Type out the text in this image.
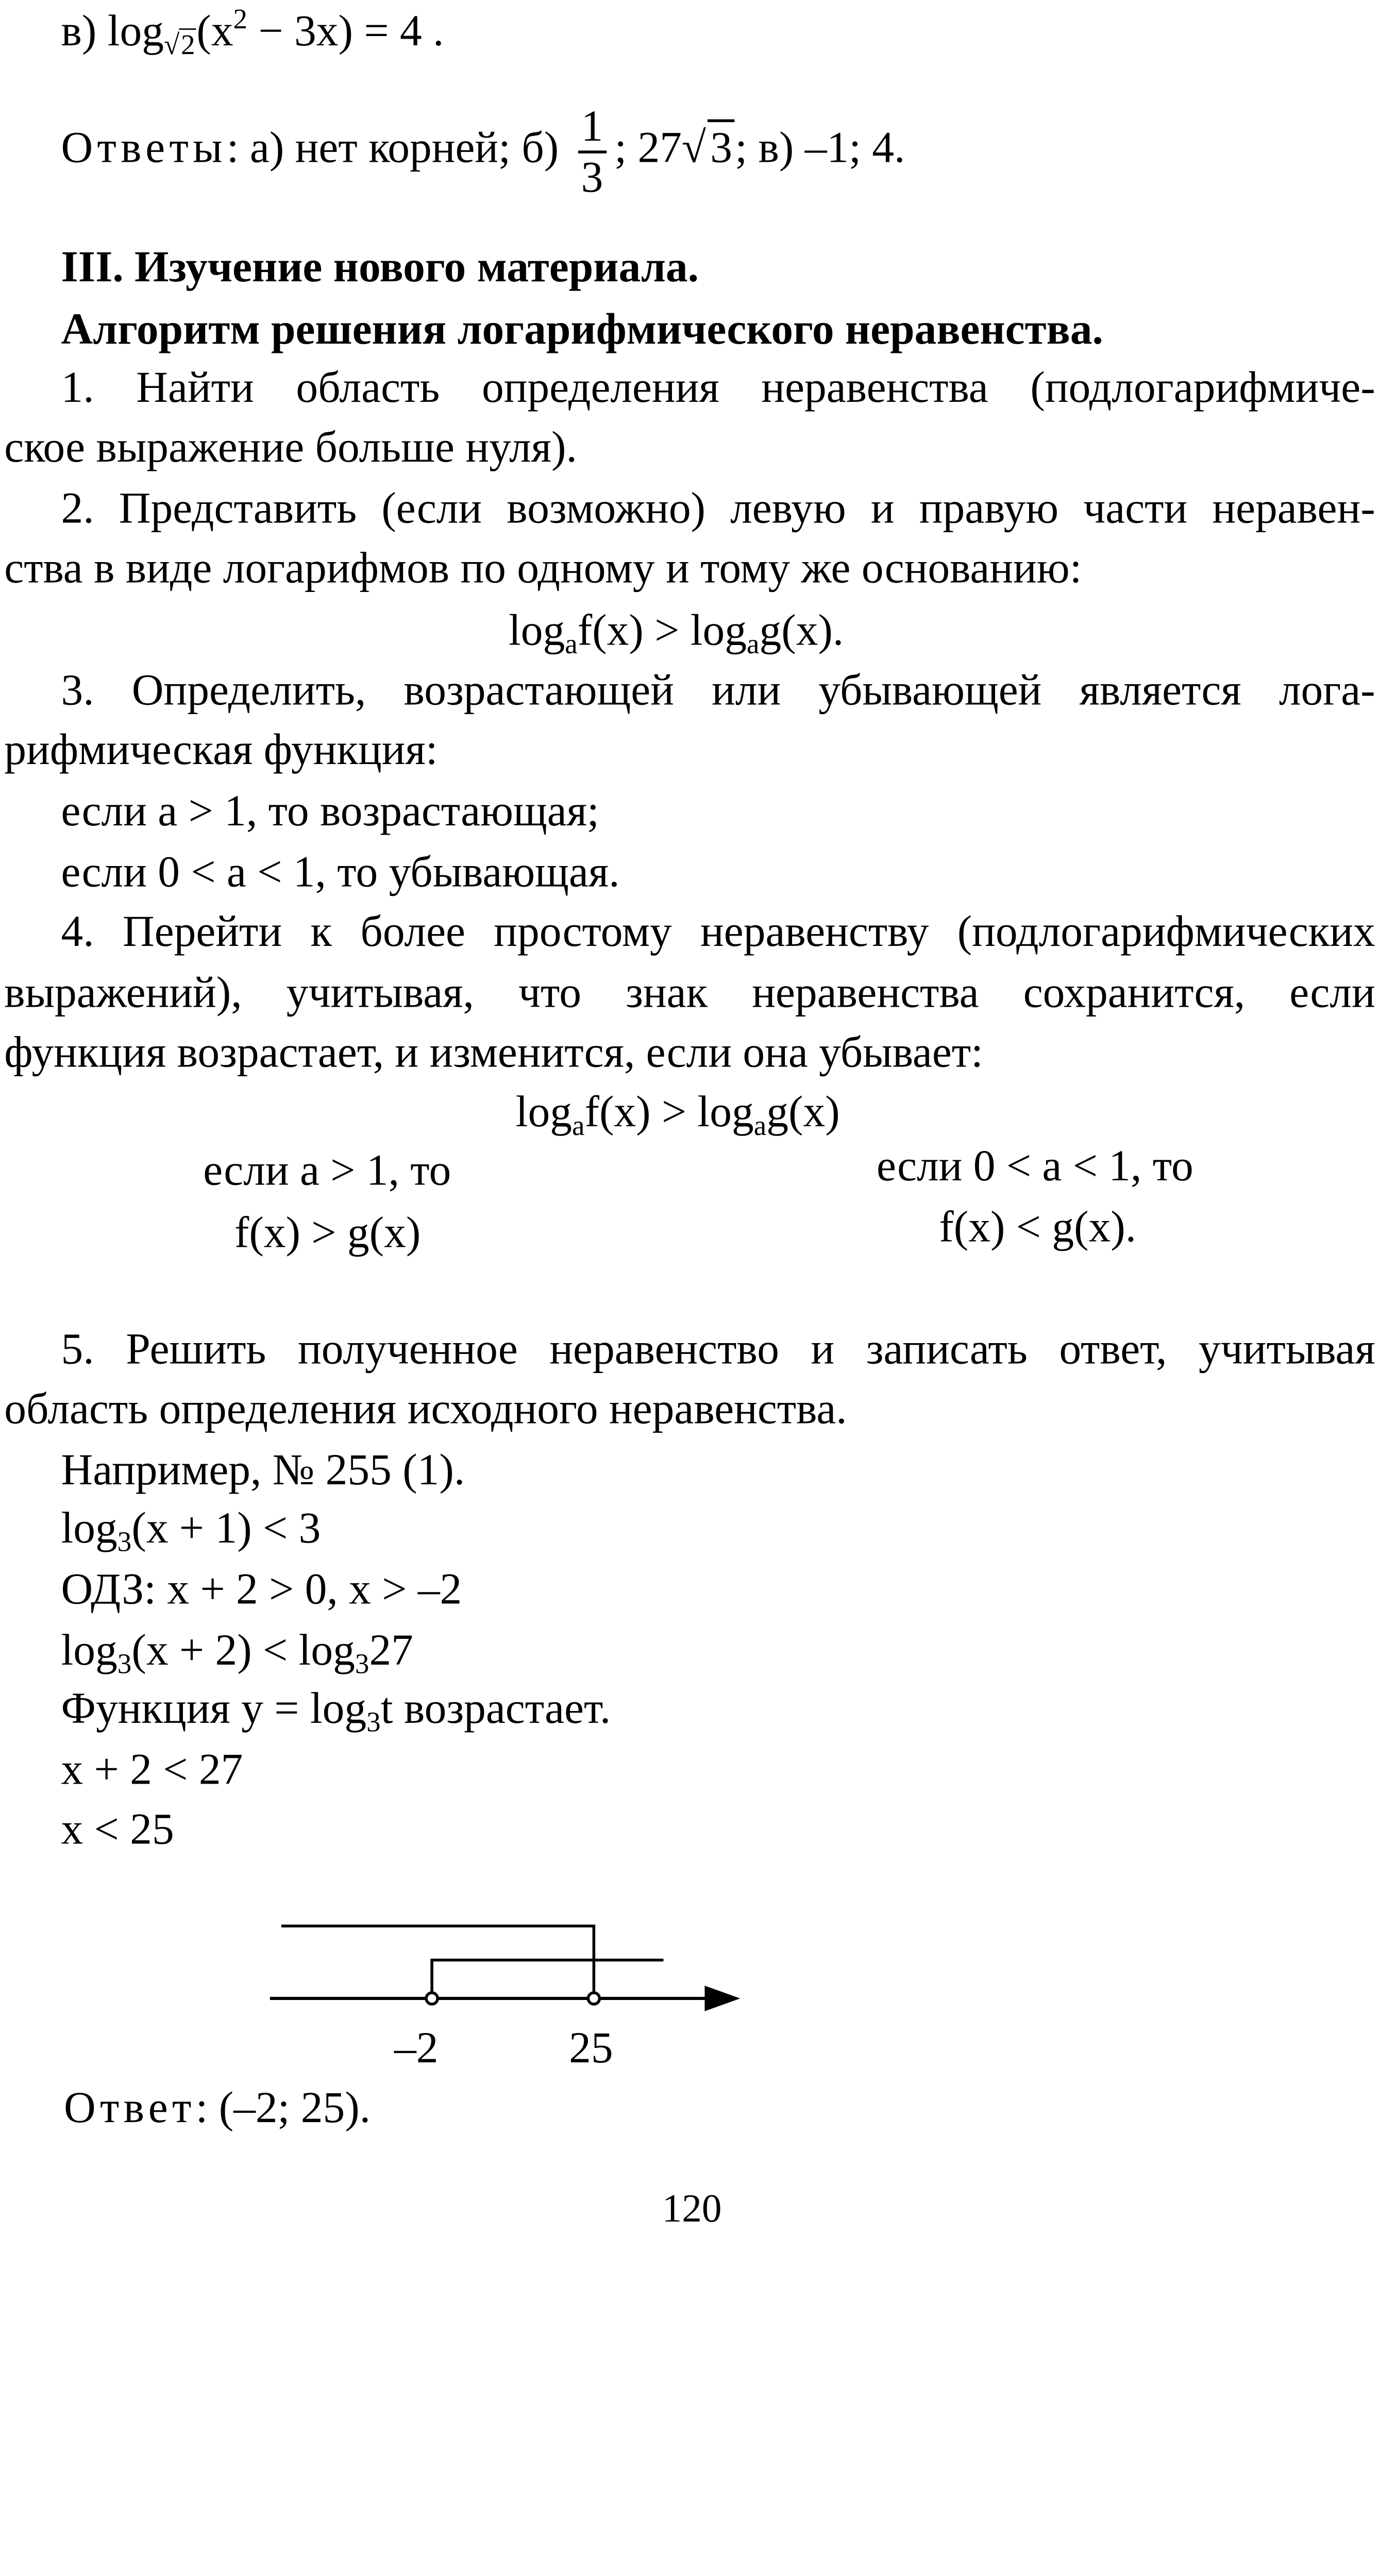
в) $\log_{√ 2}(x^2 - 3x) = 4$ .
Ответы: а) нет корней; $б) \frac{1}{3}$ ; 27√ 3 ; в) –1; 4.
III. Изучение нового материала.
Алгоритм решения логарифмического неравенства.
1. Найти область определения неравенства (подлогарифмиче-
ское выражение больше нуля).
2. Представить (если возможно) левую и правую части неравен-
ства в виде логарифмов по одному и тому же основанию:
$\log_af(x) > \log_ag(x)$.
3. Определить, возрастающей или убывающей является лога-
рифмическая функция:
если a > 1, то возрастающая;
если 0 < a < 1, то убывающая.
4. Перейти к более простому неравенству (подлогарифмических
выражений), учитывая, что знак неравенства сохранится, если
функция возрастает, и изменится, если она убывает:
$\log_af(x) > \log_ag(x)$
если a > 1, то
f(x) > g(x)
если 0 < a < 1, то
f(x) < g(x).
5. Решить полученное неравенство и записать ответ, учитывая
область определения исходного неравенства.
Например, № 255 (1).
$\log_3(x + 1) < 3$
ОДЗ: x + 2 > 0, x > –2
$\log_3(x + 2) < \log_327$
Функция $y = \log_3t$ возрастает.
x + 2 < 27
x < 25
–2	25
Ответ: (–2; 25).
120
